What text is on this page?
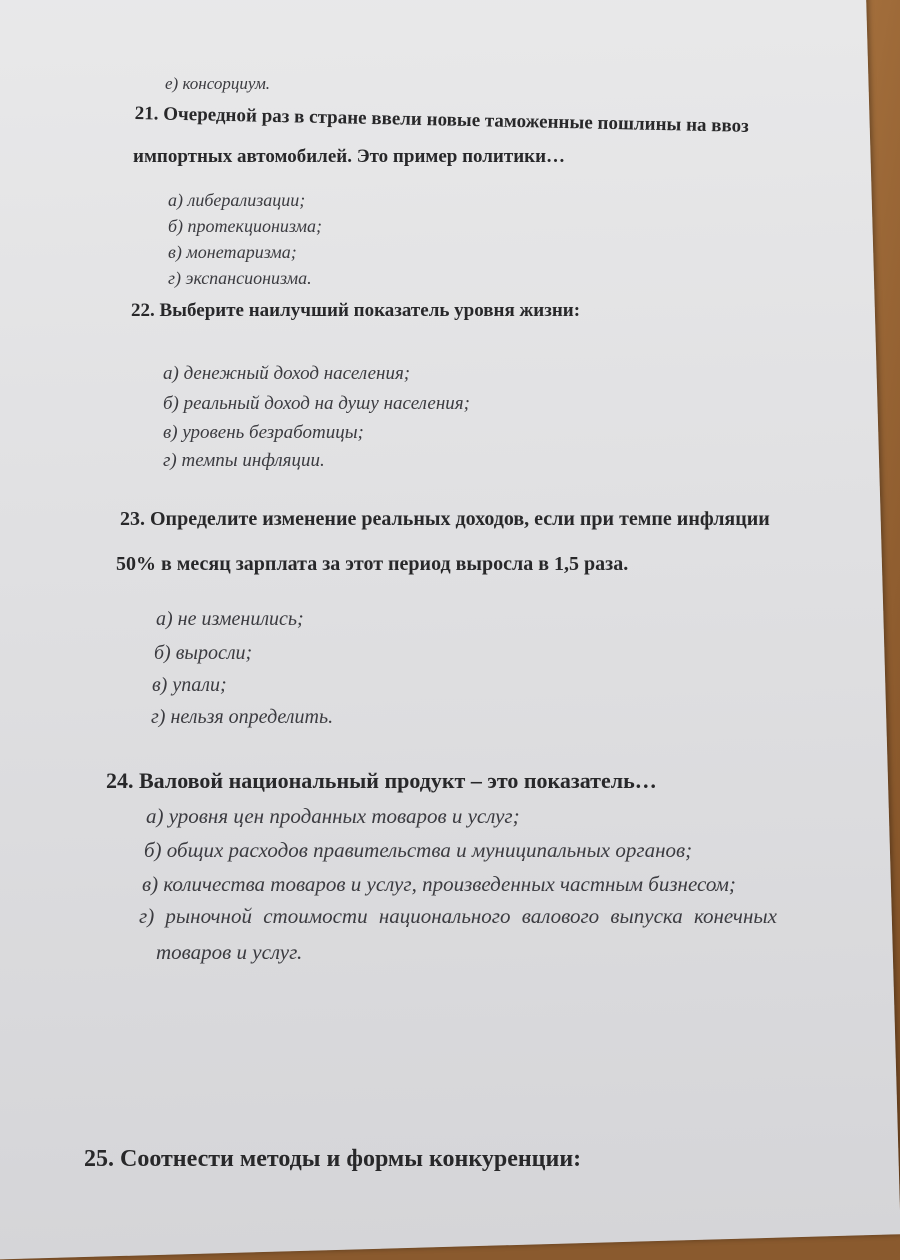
е) консорциум.
21. Очередной раз в стране ввели новые таможенные пошлины на ввоз
импортных автомобилей. Это пример политики…
а) либерализации;
б) протекционизма;
в) монетаризма;
г) экспансионизма.
22. Выберите наилучший показатель уровня жизни:
а) денежный доход населения;
б) реальный доход на душу населения;
в) уровень безработицы;
г) темпы инфляции.
23. Определите изменение реальных доходов, если при темпе инфляции
50% в месяц зарплата за этот период выросла в 1,5 раза.
а) не изменились;
б) выросли;
в) упали;
г) нельзя определить.
24. Валовой национальный продукт – это показатель…
а) уровня цен проданных товаров и услуг;
б) общих расходов правительства и муниципальных органов;
в) количества товаров и услуг, произведенных частным бизнесом;
г) рыночной стоимости национального валового выпуска конечных
товаров и услуг.
25. Соотнести методы и формы конкуренции:
